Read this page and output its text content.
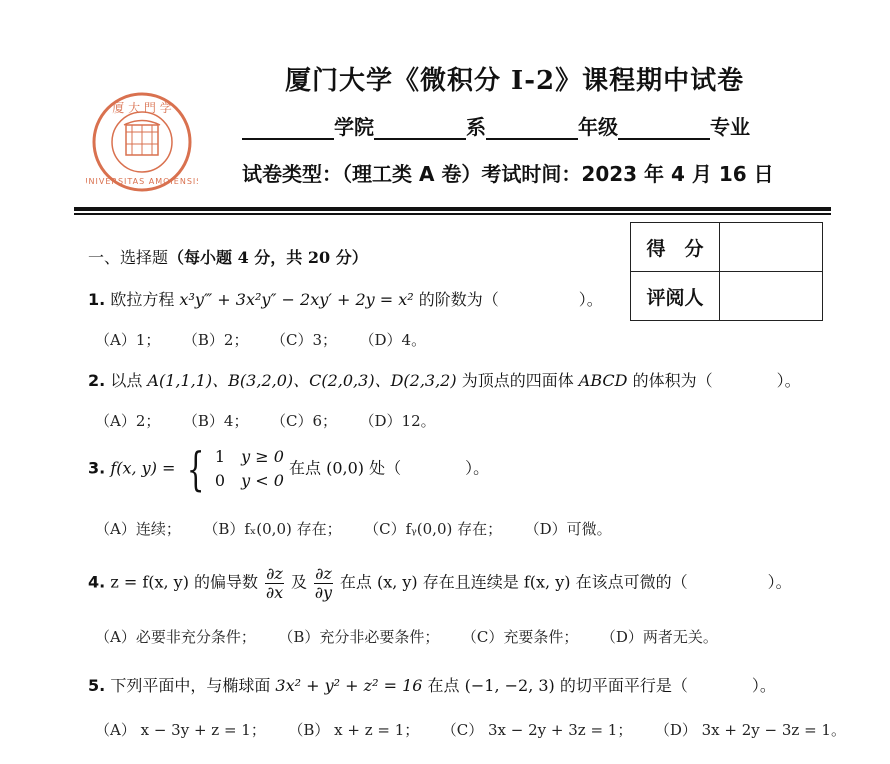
厦 大 門 学
UNIVERSITAS AMOIENSIS
厦门大学《微积分 I-2》课程期中试卷
学院	系	年级	专业
试卷类型：（理工类 A 卷）考试时间：2023 年 4 月 16 日
得　分	
评阅人	
一、选择题（每小题 4 分，共 20 分）
1. 欧拉方程 x³y‴ + 3x²y″ − 2xy′ + 2y = x² 的阶数为（　　　　　）。
（A）1； （B）2； （C）3； （D）4。
2. 以点 A(1,1,1)、B(3,2,0)、C(2,0,3)、D(2,3,2) 为顶点的四面体 ABCD 的体积为（　　　　）。
（A）2； （B）4； （C）6； （D）12。
3. f(x, y) = { 1 y ≥ 0
0 y < 0 在点 (0,0) 处（　　　　）。
（A）连续； （B）fₓ(0,0) 存在； （C）fᵧ(0,0) 存在； （D）可微。
4. z = f(x, y) 的偏导数 $\frac{\partial z}{\partial x}$ 及 $\frac{\partial z}{\partial y}$ 在点 (x, y) 存在且连续是 f(x, y) 在该点可微的（　　　　　）。
（A）必要非充分条件； （B）充分非必要条件； （C）充要条件； （D）两者无关。
5. 下列平面中，与椭球面 3x² + y² + z² = 16 在点 (−1, −2, 3) 的切平面平行是（　　　　）。
（A） x − 3y + z = 1； （B） x + z = 1； （C） 3x − 2y + 3z = 1； （D） 3x + 2y − 3z = 1。
